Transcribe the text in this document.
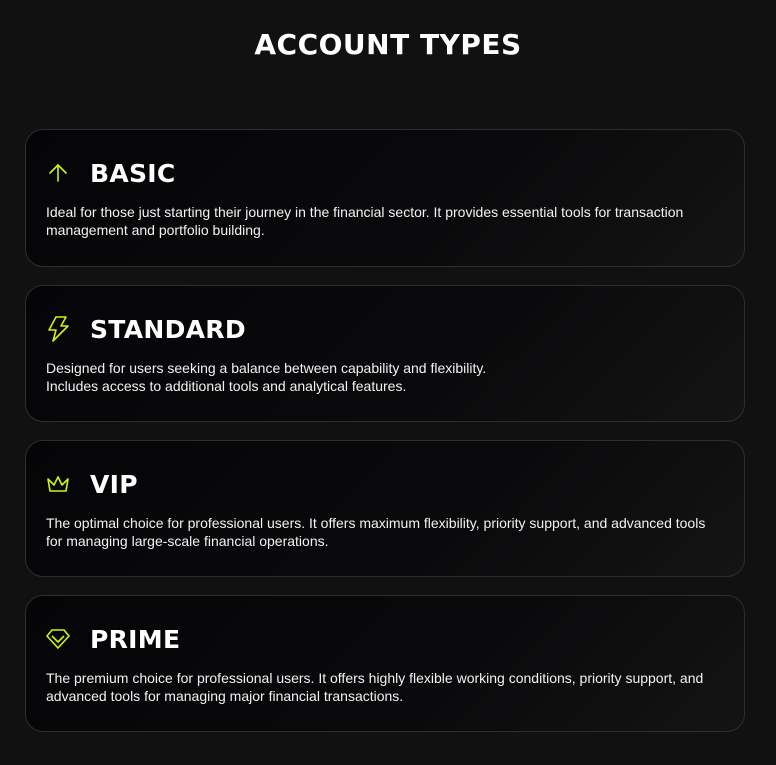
ACCOUNT TYPES
BASIC
Ideal for those just starting their journey in the financial sector. It provides essential tools for transaction management and portfolio building.
STANDARD
Designed for users seeking a balance between capability and flexibility.
Includes access to additional tools and analytical features.
VIP
The optimal choice for professional users. It offers maximum flexibility, priority support, and advanced tools for managing large-scale financial operations.
PRIME
The premium choice for professional users. It offers highly flexible working conditions, priority support, and advanced tools for managing major financial transactions.
